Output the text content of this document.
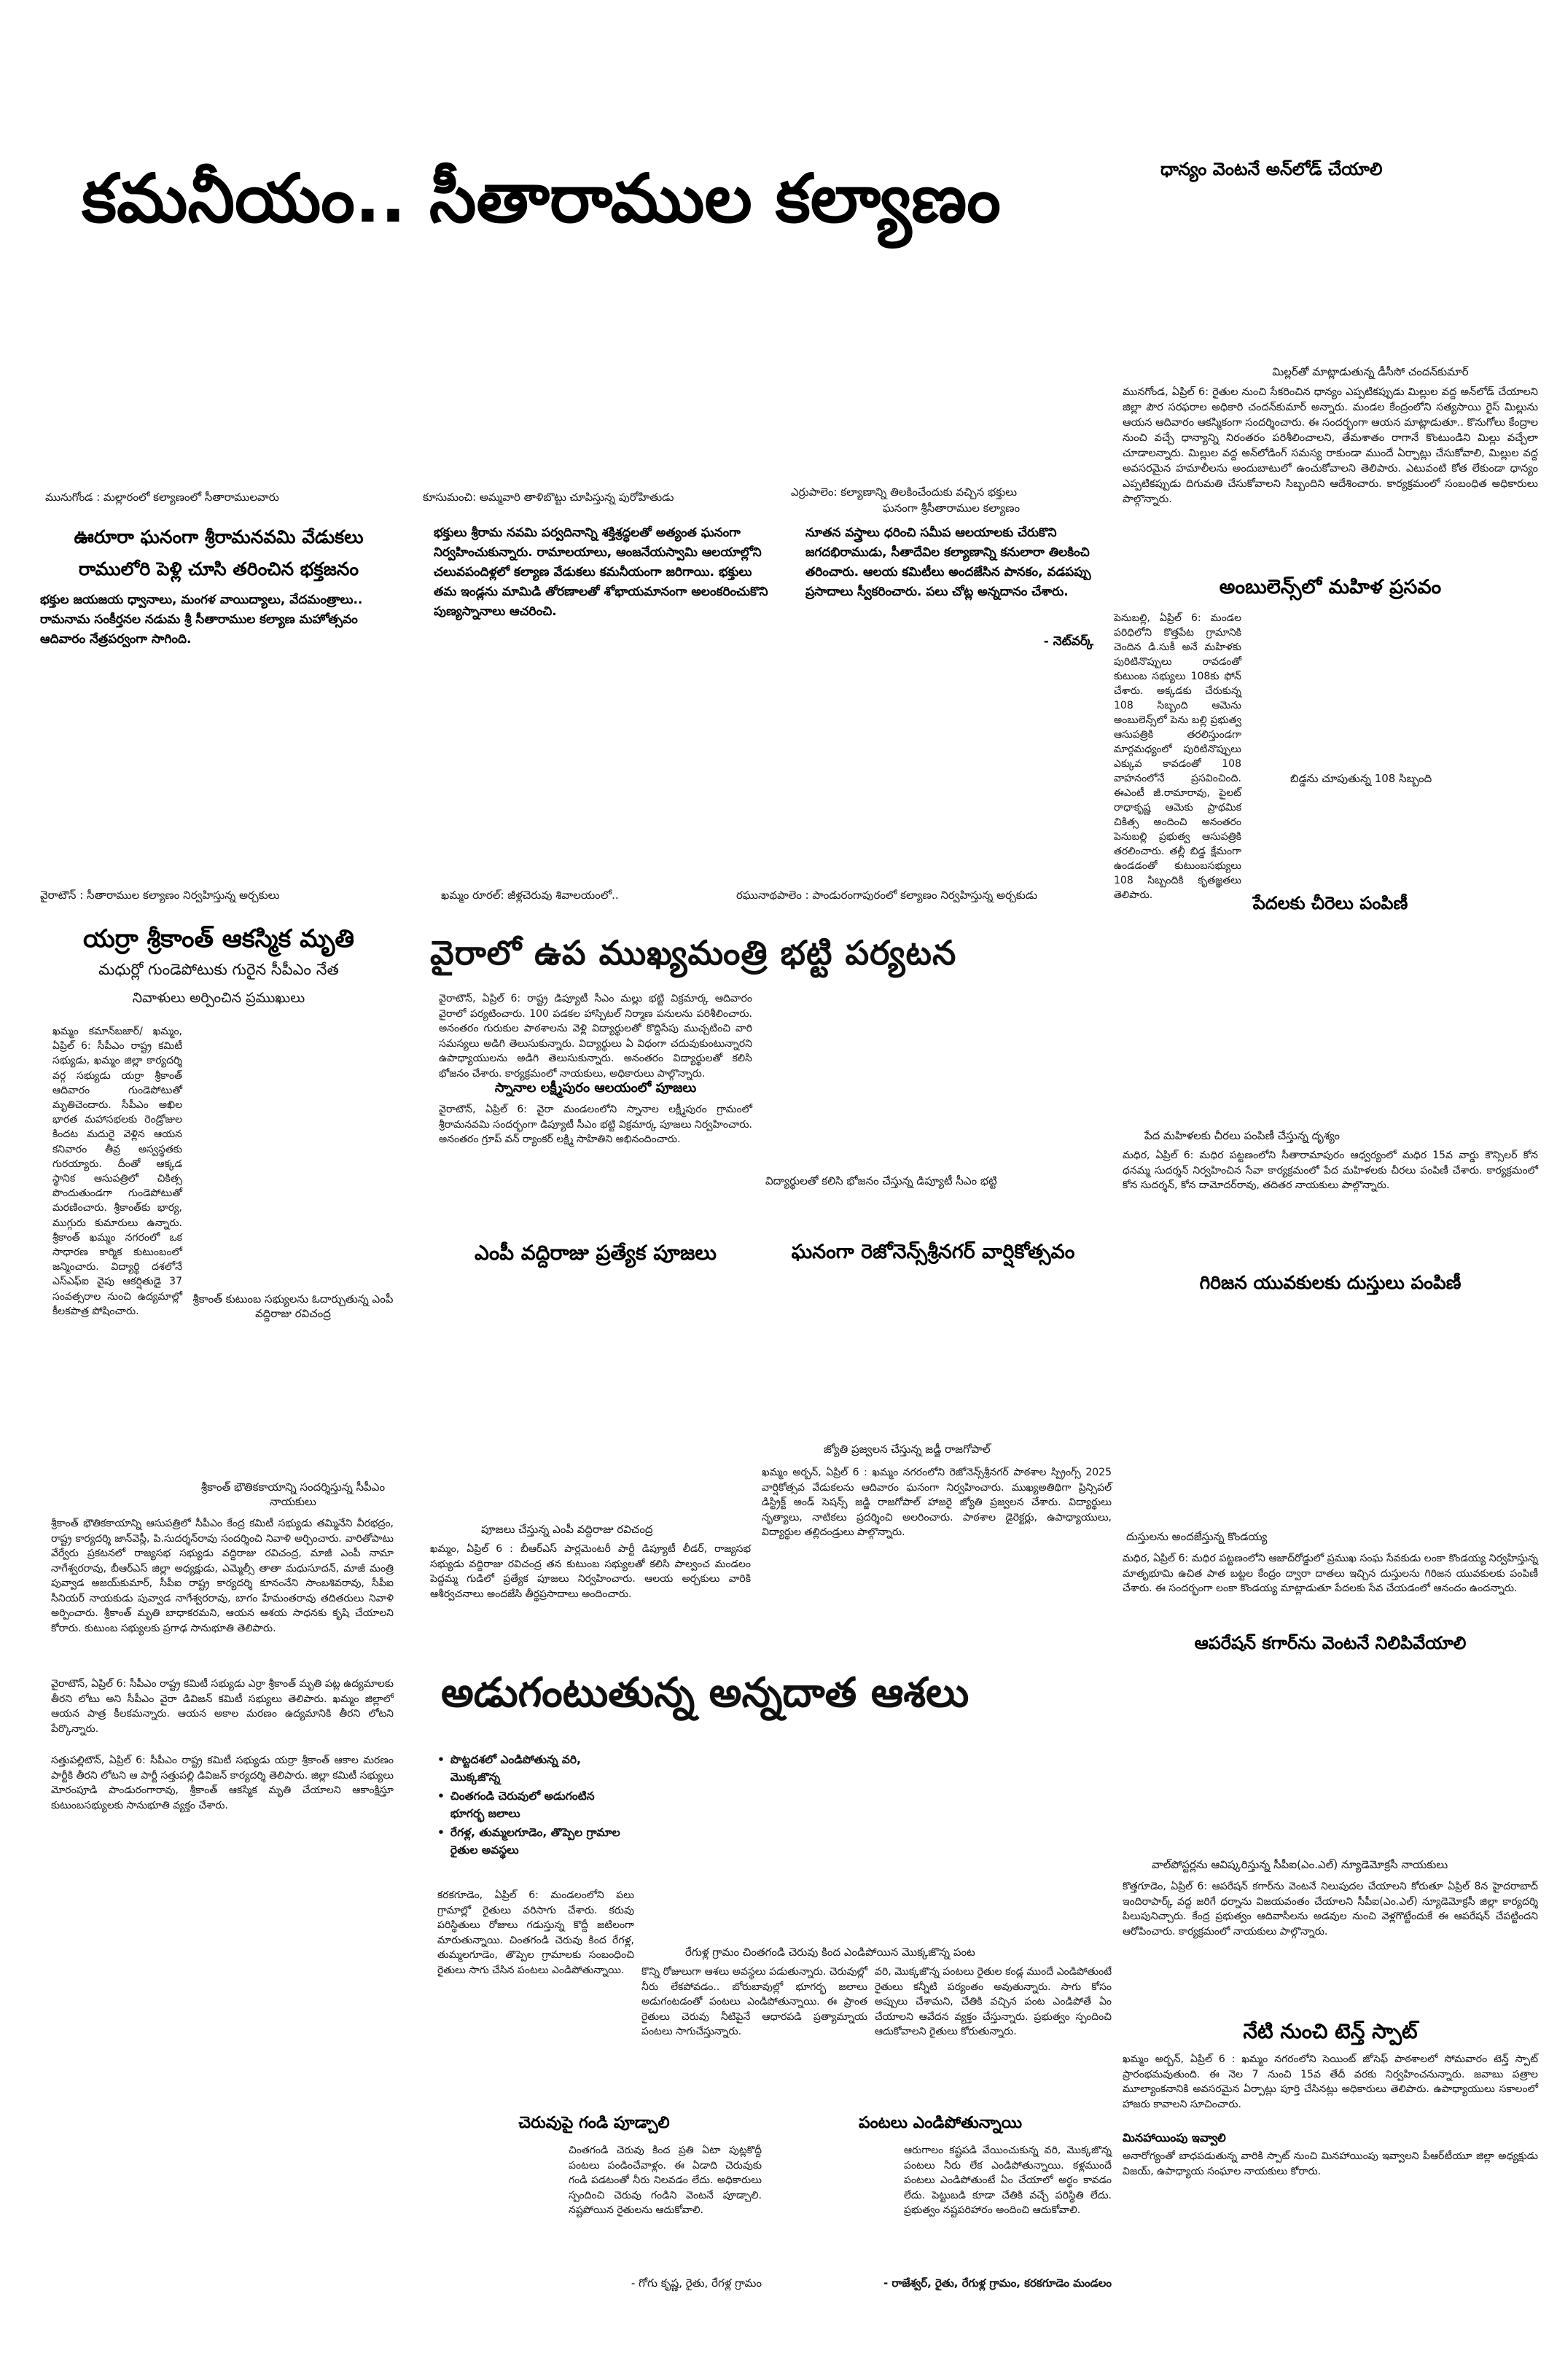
కమనీయం.. సీతారాముల కల్యాణం	ధాన్యం వెంటనే అన్‌లోడ్ చేయాలి
మిల్లర్‌తో మాట్లాడుతున్న డీసీసో చందన్‌కుమార్
మునగోండ, ఏప్రిల్ 6: రైతుల నుంచి సేకరించిన ధాన్యం ఎప్పటికప్పుడు మిల్లుల వద్ద అన్‌లోడ్ చేయాలని జిల్లా పౌర సరఫరాల అధికారి చందన్‌కుమార్ అన్నారు. మండల కేంద్రంలోని సత్యసాయి రైస్ మిల్లును ఆయన ఆదివారం ఆకస్మికంగా సందర్శించారు. ఈ సందర్భంగా ఆయన మాట్లాడుతూ.. కొనుగోలు కేంద్రాల నుంచి వచ్చే ధాన్యాన్ని నిరంతరం పరిశీలించాలని, తేమశాతం రాగానే కొంటుండిని మిల్లు వచ్చేలా చూడాలన్నారు. మిల్లుల వద్ద అన్‌లోడింగ్ సమస్య రాకుండా ముందే ఏర్పాట్లు చేసుకోవాలి, మిల్లుల వద్ద అవసరమైన హమాలీలను అందుబాటులో ఉంచుకోవాలని తెలిపారు. ఎటువంటి కోత లేకుండా ధాన్యం ఎప్పటికప్పుడు దిగుమతి చేసుకోవాలని సిబ్బందిని ఆదేశించారు. కార్యక్రమంలో సంబంధిత అధికారులు పాల్గొన్నారు.
అంబులెన్స్‌లో మహిళ ప్రసవం
పెనుబల్లి, ఏప్రిల్ 6: మండల పరిధిలోని కొత్తపేట గ్రామానికి చెందిన డి.సుకీ అనే మహిళకు పురిటినొప్పులు రావడంతో కుటుంబ సభ్యులు 108కు ఫోన్ చేశారు. అక్కడకు చేరుకున్న 108 సిబ్బంది ఆమెను అంబులెన్స్‌లో పెను బల్లి ప్రభుత్వ ఆసుపత్రికి తరలిస్తుండగా మార్గమధ్యంలో పురిటినొప్పులు ఎక్కువ కావడంతో 108 వాహనంలోనే ప్రసవించింది. ఈఎంటీ జీ.రామారావు, పైలట్ రాధాకృష్ణ ఆమెకు ప్రాథమిక చికిత్స అందించి అనంతరం పెనుబల్లి ప్రభుత్వ ఆసుపత్రికి తరలించారు. తల్లీ బిడ్డ క్షేమంగా ఉండడంతో కుటుంబసభ్యులు 108 సిబ్బందికి కృతజ్ఞతలు తెలిపారు.
బిడ్డను చూపుతున్న 108 సిబ్బంది
పేదలకు చీరెలు పంపిణీ
మునుగోండ : మల్లారంలో కల్యాణంలో సీతారాములవారు
ఊరూరా ఘనంగా శ్రీరామనవమి వేడుకలు
రాములోరి పెళ్లి చూసి తరించిన భక్తజనం
భక్తుల జయజయ ధ్వానాలు, మంగళ వాయిద్యాలు, వేదమంత్రాలు.. రామనామ సంకీర్తనల నడుమ శ్రీ సీతారాముల కల్యాణ మహోత్సవం ఆదివారం నేత్రపర్వంగా సాగింది.
కూసుమంచి: అమ్మవారి తాళిబొట్టు చూపిస్తున్న పురోహితుడు
భక్తులు శ్రీరామ నవమి పర్వదినాన్ని శక్తిశ్రద్ధలతో అత్యంత ఘనంగా నిర్వహించుకున్నారు. రామాలయాలు, ఆంజనేయస్వామి ఆలయాల్లోని చలువపందిళ్లలో కల్యాణ వేడుకలు కమనీయంగా జరిగాయి. భక్తులు తమ ఇండ్లను మామిడి తోరణాలతో శోభాయమానంగా అలంకరించుకొని పుణ్యస్నానాలు ఆచరించి.
ఎర్రుపాలెం: కల్యాణాన్ని తిలకించేందుకు వచ్చిన భక్తులు
ఘనంగా శ్రీసీతారాముల కల్యాణం
నూతన వస్త్రాలు ధరించి సమీప ఆలయాలకు చేరుకొని జగదభిరాముడు, సీతాదేవిల కల్యాణాన్ని కనులారా తిలకించి తరించారు. ఆలయ కమిటీలు అందజేసిన పానకం, వడపప్పు ప్రసాదాలు స్వీకరించారు. పలు చోట్ల అన్నదానం చేశారు.
- నెట్‌వర్క్
వైరాటౌన్ : సీతారాముల కల్యాణం నిర్వహిస్తున్న అర్చకులు	ఖమ్మం రూరల్: జీళ్లచెరువు శివాలయంలో..	రఘునాథపాలెం : పాండురంగాపురంలో కల్యాణం నిర్వహిస్తున్న అర్చకుడు
యర్రా శ్రీకాంత్ ఆకస్మిక మృతి
మధుర్లో గుండెపోటుకు గురైన సీపీఎం నేత
నివాళులు అర్పించిన ప్రముఖులు
ఖమ్మం కమాన్‌బజార్/ ఖమ్మం, ఏప్రిల్ 6: సీపీఎం రాష్ట్ర కమిటీ సభ్యుడు, ఖమ్మం జిల్లా కార్యదర్శి వర్గ సభ్యుడు యర్రా శ్రీకాంత్ ఆదివారం గుండెపోటుతో మృతిచెందారు. సీపీఎం అఖిల భారత మహాసభలకు రెండ్రోజుల కిందట మదురై వెళ్లిన ఆయన కనివారం తీవ్ర అస్వస్థతకు గురయ్యారు. దీంతో ఆక్కడ స్థానిక ఆసుపత్రిలో చికిత్స పొందుతుండగా గుండెపోటుతో మరణించారు. శ్రీకాంత్‌కు భార్య, ముగ్గురు కుమారులు ఉన్నారు. శ్రీకాంత్ ఖమ్మం నగరంలో ఒక సాధారణ కార్మిక కుటుంబంలో జన్మించారు. విద్యార్థి దశలోనే ఎస్‌ఎఫ్‌ఐ వైపు ఆకర్షితుడై 37 సంవత్సరాల నుంచి ఉద్యమాల్లో కీలకపాత్ర పోషించారు.
శ్రీకాంత్ కుటుంబ సభ్యులను ఓదార్చుతున్న ఎంపీ వద్దిరాజు రవిచంద్ర
శ్రీకాంత్ భౌతికకాయాన్ని సందర్శిస్తున్న సీపీఎం నాయకులు
శ్రీకాంత్ భౌతికకాయాన్ని ఆసుపత్రిలో సీపీఎం కేంద్ర కమిటీ సభ్యుడు తమ్మినేని వీరభద్రం, రాష్ట్ర కార్యదర్శి జాన్‌వెస్లీ, పి.సుదర్శన్‌రావు సందర్శించి నివాళి అర్పించారు. వారితోపాటు వేర్వేరు ప్రకటనలో రాజ్యసభ సభ్యుడు వద్దిరాజు రవిచంద్ర, మాజీ ఎంపీ నామా నాగేశ్వరరావు, బీఆర్ఎస్ జిల్లా అధ్యక్షుడు, ఎమ్మెల్సీ తాతా మధుసూదన్, మాజీ మంత్రి పువ్వాడ అజయ్‌కుమార్, సీపీఐ రాష్ట్ర కార్యదర్శి కూనంనేని సాంబశివరావు, సీపీఐ సీనియర్ నాయకుడు పువ్వాడ నాగేశ్వరరావు, బాగం హేమంతరావు తదితరులు నివాళి అర్పించారు. శ్రీకాంత్ మృతి బాధాకరమని, ఆయన ఆశయ సాధనకు కృషి చేయాలని కోరారు. కుటుంబ సభ్యులకు ప్రగాఢ సానుభూతి తెలిపారు.
వైరాటౌన్, ఏప్రిల్ 6: సీపీఎం రాష్ట్ర కమిటీ సభ్యుడు ఎర్రా శ్రీకాంత్ మృతి పట్ల ఉద్యమాలకు తీరని లోటు అని సీపీఎం వైరా డివిజన్ కమిటీ సభ్యులు తెలిపారు. ఖమ్మం జిల్లాలో ఆయన పాత్ర కీలకమన్నారు. ఆయన అకాల మరణం ఉద్యమానికి తీరని లోటని పేర్కొన్నారు.
సత్తుపల్లిటౌన్, ఏప్రిల్ 6: సీపీఎం రాష్ట్ర కమిటీ సభ్యుడు యర్రా శ్రీకాంత్ ఆకాల మరణం పార్టీకి తీరని లోటని ఆ పార్టీ సత్తుపల్లి డివిజన్ కార్యదర్శి తెలిపారు. జిల్లా కమిటీ సభ్యులు మోరంపూడి పాండురంగారావు, శ్రీకాంత్ ఆకస్మిక మృతి చేయాలని ఆకాంక్షిస్తూ కుటుంబసభ్యులకు సానుభూతి వ్యక్తం చేశారు.
వైరాలో ఉప ముఖ్యమంత్రి భట్టి పర్యటన
వైరాటౌన్, ఏప్రిల్ 6: రాష్ట్ర డిప్యూటీ సీఎం మల్లు భట్టి విక్రమార్క ఆదివారం వైరాలో పర్యటించారు. 100 పడకల హాస్పిటల్ నిర్మాణ పనులను పరిశీలించారు. అనంతరం గురుకుల పాఠశాలను వెళ్లి విద్యార్థులతో కొద్దిసేపు ముచ్చటించి వారి సమస్యలు అడిగి తెలుసుకున్నారు. విద్యార్థులు ఏ విధంగా చదువుకుంటున్నారని ఉపాధ్యాయులను అడిగి తెలుసుకున్నారు. అనంతరం విద్యార్థులతో కలిసి భోజనం చేశారు. కార్యక్రమంలో నాయకులు, అధికారులు పాల్గొన్నారు.
స్నానాల లక్ష్మీపురం ఆలయంలో పూజలు
వైరాటౌన్, ఏప్రిల్ 6: వైరా మండలంలోని స్నానాల లక్ష్మీపురం గ్రామంలో శ్రీరామనవమి సందర్భంగా డిప్యూటీ సీఎం భట్టి విక్రమార్క పూజలు నిర్వహించారు. అనంతరం గ్రూప్ వన్ ర్యాంకర్ లక్ష్మి సాహితిని అభినందించారు.
విద్యార్థులతో కలిసి భోజనం చేస్తున్న డిప్యూటీ సీఎం భట్టి
ఎంపీ వద్దిరాజు ప్రత్యేక పూజలు	ఘనంగా రెజోనెన్స్‌శ్రీనగర్ వార్షికోత్సవం
పూజలు చేస్తున్న ఎంపీ వద్దిరాజు రవిచంద్ర
ఖమ్మం, ఏప్రిల్ 6 : బీఆర్ఎస్ పార్లమెంటరీ పార్టీ డిప్యూటీ లీడర్, రాజ్యసభ సభ్యుడు వద్దిరాజు రవిచంద్ర తన కుటుంబ సభ్యులతో కలిసి పాల్వంచ మండలం పెద్దమ్మ గుడిలో ప్రత్యేక పూజలు నిర్వహించారు. ఆలయ అర్చకులు వారికి ఆశీర్వచనాలు అందజేసి తీర్థప్రసాదాలు అందించారు.
జ్యోతి ప్రజ్వలన చేస్తున్న జడ్జీ రాజగోపాల్
ఖమ్మం అర్బన్, ఏప్రిల్ 6 : ఖమ్మం నగరంలోని రెజోనెన్స్‌శ్రీనగర్ పాఠశాల స్ప్రింగ్స్ 2025 వార్షికోత్సవ వేడుకలను ఆదివారం ఘనంగా నిర్వహించారు. ముఖ్యఅతిథిగా ప్రిన్సిపల్ డిస్ట్రిక్ట్ అండ్ సెషన్స్ జడ్జి రాజగోపాల్ హాజరై జ్యోతి ప్రజ్వలన చేశారు. విద్యార్థులు నృత్యాలు, నాటికలు ప్రదర్శించి అలరించారు. పాఠశాల డైరెక్టర్లు, ఉపాధ్యాయులు, విద్యార్థుల తల్లిదండ్రులు పాల్గొన్నారు.
అడుగంటుతున్న అన్నదాత ఆశలు
• పొట్టదశలో ఎండిపోతున్న వరి, మొక్కజొన్న
• చింతగండి చెరువులో అడుగంటిన భూగర్భ జలాలు
• రేగళ్ల, తుమ్మలగూడెం, తొప్పెల గ్రామాల రైతుల అవస్థలు
రేగుళ్ల గ్రామం చింతగండి చెరువు కింద ఎండిపోయిన మొక్కజొన్న పంట
కరకగూడెం, ఏప్రిల్ 6: మండలంలోని పలు గ్రామాల్లో రైతులు వరిసాగు చేశారు. కరువు పరిస్థితులు రోజులు గడుస్తున్న కొద్దీ జటిలంగా మారుతున్నాయి. చింతగండి చెరువు కింద రేగళ్ల, తుమ్మలగూడెం, తొప్పెల గ్రామాలకు సంబంధించి రైతులు సాగు చేసిన పంటలు ఎండిపోతున్నాయి.	కొన్ని రోజులుగా ఆశలు అవస్థలు పడుతున్నారు. చెరువుల్లో నీరు లేకపోవడం.. బోరుబావుల్లో భూగర్భ జలాలు అడుగంటడంతో పంటలు ఎండిపోతున్నాయి. ఈ ప్రాంత రైతులు చెరువు నీటిపైనే ఆధారపడి ప్రత్యామ్నాయ పంటలు సాగుచేస్తున్నారు.
వరి, మొక్కజొన్న పంటలు రైతుల కండ్ల ముందే ఎండిపోతుంటే రైతులు కన్నీటి పర్యంతం అవుతున్నారు. సాగు కోసం అప్పులు చేశామని, చేతికి వచ్చిన పంట ఎండిపోతే ఏం చేయాలని ఆవేదన వ్యక్తం చేస్తున్నారు. ప్రభుత్వం స్పందించి ఆదుకోవాలని రైతులు కోరుతున్నారు.
చెరువుపై గండి పూడ్చాలి
చింతగండి చెరువు కింద ప్రతి ఏటా పుట్లకొద్దీ పంటలు పండించేవాళ్లం. ఈ ఏడాది చెరువుకు గండి పడటంతో నీరు నిలవడం లేదు. అధికారులు స్పందించి చెరువు గండిని వెంటనే పూడ్చాలి. నష్టపోయిన రైతులను ఆదుకోవాలి.
- గోగు కృష్ణ, రైతు, రేగళ్ల గ్రామం
పంటలు ఎండిపోతున్నాయి
ఆరుగాలం కష్టపడి వేయించుకున్న వరి, మొక్కజొన్న పంటలు నీరు లేక ఎండిపోతున్నాయి. కళ్లముందే పంటలు ఎండిపోతుంటే ఏం చేయాలో అర్థం కావడం లేదు. పెట్టుబడి కూడా చేతికి వచ్చే పరిస్థితి లేదు. ప్రభుత్వం నష్టపరిహారం అందించి ఆదుకోవాలి.
- రాజేశ్వర్, రైతు, రేగుళ్ల గ్రామం, కరకగూడెం మండలం
పేద మహిళలకు చీరలు పంపిణీ చేస్తున్న దృశ్యం
మధిర, ఏప్రిల్ 6: మధిర పట్టణంలోని సీతారామాపురం ఆధ్వర్యంలో మధిర 15వ వార్డు కౌన్సిలర్ కోన ధనమ్మ సుదర్శన్ నిర్వహించిన సేవా కార్యక్రమంలో పేద మహిళలకు చీరలు పంపిణీ చేశారు. కార్యక్రమంలో కోన సుదర్శన్, కోన దామోదర్‌రావు, తదితర నాయకులు పాల్గొన్నారు.
గిరిజన యువకులకు దుస్తులు పంపిణీ
దుస్తులను అందజేస్తున్న కొండయ్య
మధిర, ఏప్రిల్ 6: మధిర పట్టణంలోని ఆజాద్‌రోడ్డులో ప్రముఖ సంఘ సేవకుడు లంకా కొండయ్య నిర్వహిస్తున్న మాతృభూమి ఉచిత పాత బట్టల కేంద్రం ద్వారా దాతలు ఇచ్చిన దుస్తులను గిరిజన యువకులకు పంపిణీ చేశారు. ఈ సందర్భంగా లంకా కొండయ్య మాట్లాడుతూ పేదలకు సేవ చేయడంలో ఆనందం ఉందన్నారు.
ఆపరేషన్ కగార్‌ను వెంటనే నిలిపివేయాలి
వాల్‌పోస్టర్లను ఆవిష్కరిస్తున్న సీపీఐ(ఎం.ఎల్) న్యూడెమోక్రసీ నాయకులు
కొత్తగూడెం, ఏప్రిల్ 6: ఆపరేషన్ కగార్‌ను వెంటనే నిలుపుదల చేయాలని కోరుతూ ఏప్రిల్ 8న హైదరాబాద్ ఇందిరాపార్క్ వద్ద జరిగే ధర్నాను విజయవంతం చేయాలని సీపీఐ(ఎం.ఎల్) న్యూడెమోక్రసీ జిల్లా కార్యదర్శి పిలుపునిచ్చారు. కేంద్ర ప్రభుత్వం ఆదివాసీలను అడవుల నుంచి వెళ్లగొట్టేందుకే ఈ ఆపరేషన్ చేపట్టిందని ఆరోపించారు. కార్యక్రమంలో నాయకులు పాల్గొన్నారు.
నేటి నుంచి టెన్త్ స్పాట్
ఖమ్మం అర్బన్, ఏప్రిల్ 6 : ఖమ్మం నగరంలోని సెయింట్ జోసెఫ్ పాఠశాలలో సోమవారం టెన్త్ స్పాట్ ప్రారంభమవుతుంది. ఈ నెల 7 నుంచి 15వ తేదీ వరకు నిర్వహించనున్నారు. జవాబు పత్రాల మూల్యాంకనానికి అవసరమైన ఏర్పాట్లు పూర్తి చేసినట్లు అధికారులు తెలిపారు. ఉపాధ్యాయులు సకాలంలో హాజరు కావాలని సూచించారు.
మినహాయింపు ఇవ్వాలి
అనారోగ్యంతో బాధపడుతున్న వారికి స్పాట్ నుంచి మినహాయింపు ఇవ్వాలని పీఆర్‌టీయూ జిల్లా అధ్యక్షుడు విజయ్, ఉపాధ్యాయ సంఘాల నాయకులు కోరారు.
